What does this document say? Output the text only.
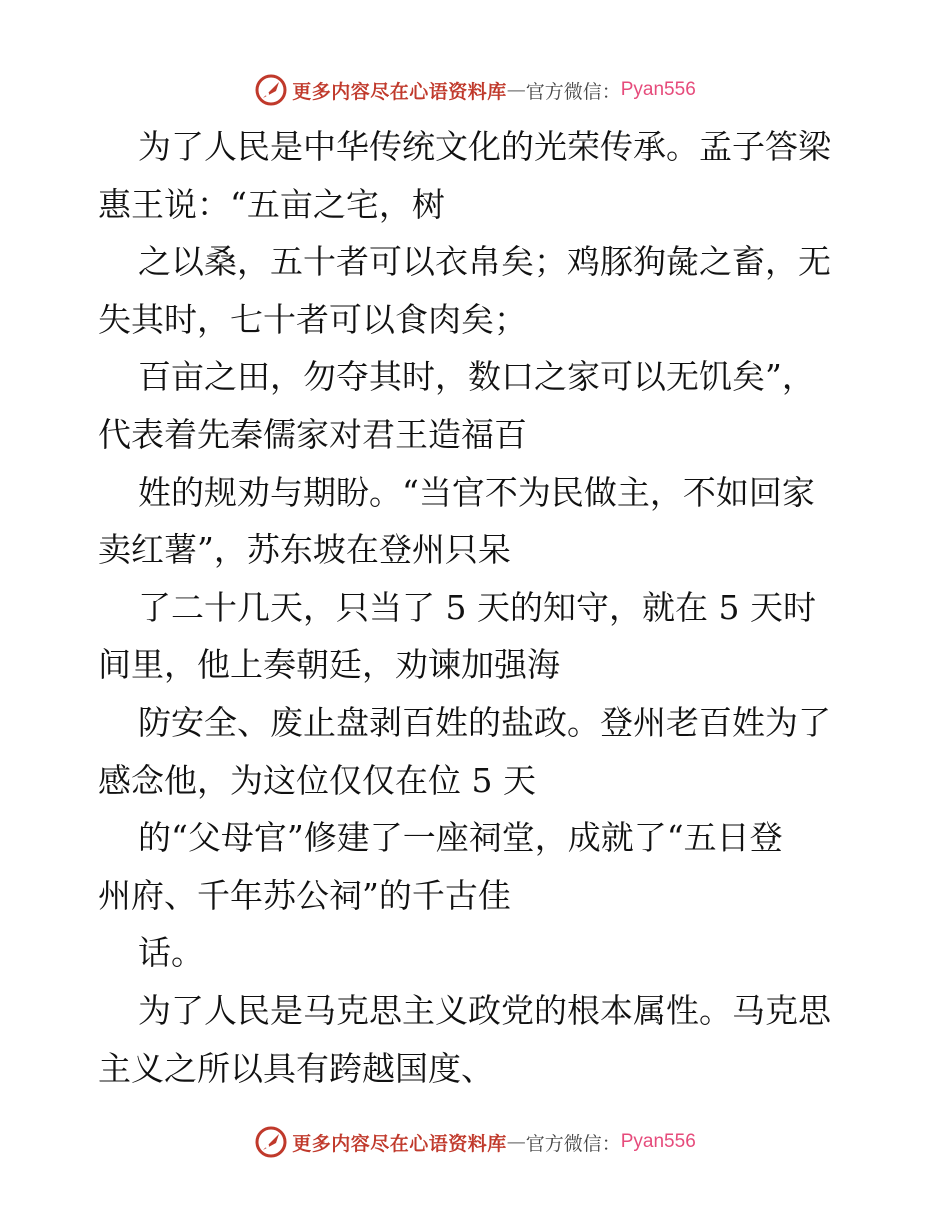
更多内容尽在心语资料库 — 官方微信： Pyan556
为了人民是中华传统文化的光荣传承。孟子答梁
惠王说：“五亩之宅，树
之以桑，五十者可以衣帛矣；鸡豚狗彘之畜，无
失其时，七十者可以食肉矣；
百亩之田，勿夺其时，数口之家可以无饥矣”，
代表着先秦儒家对君王造福百
姓的规劝与期盼。“当官不为民做主，不如回家
卖红薯”，苏东坡在登州只呆
了二十几天，只当了 5 天的知守，就在 5 天时
间里，他上奏朝廷，劝谏加强海
防安全、废止盘剥百姓的盐政。登州老百姓为了
感念他，为这位仅仅在位 5 天
的“父母官”修建了一座祠堂，成就了“五日登
州府、千年苏公祠”的千古佳
话。
为了人民是马克思主义政党的根本属性。马克思
主义之所以具有跨越国度、
更多内容尽在心语资料库 — 官方微信： Pyan556
